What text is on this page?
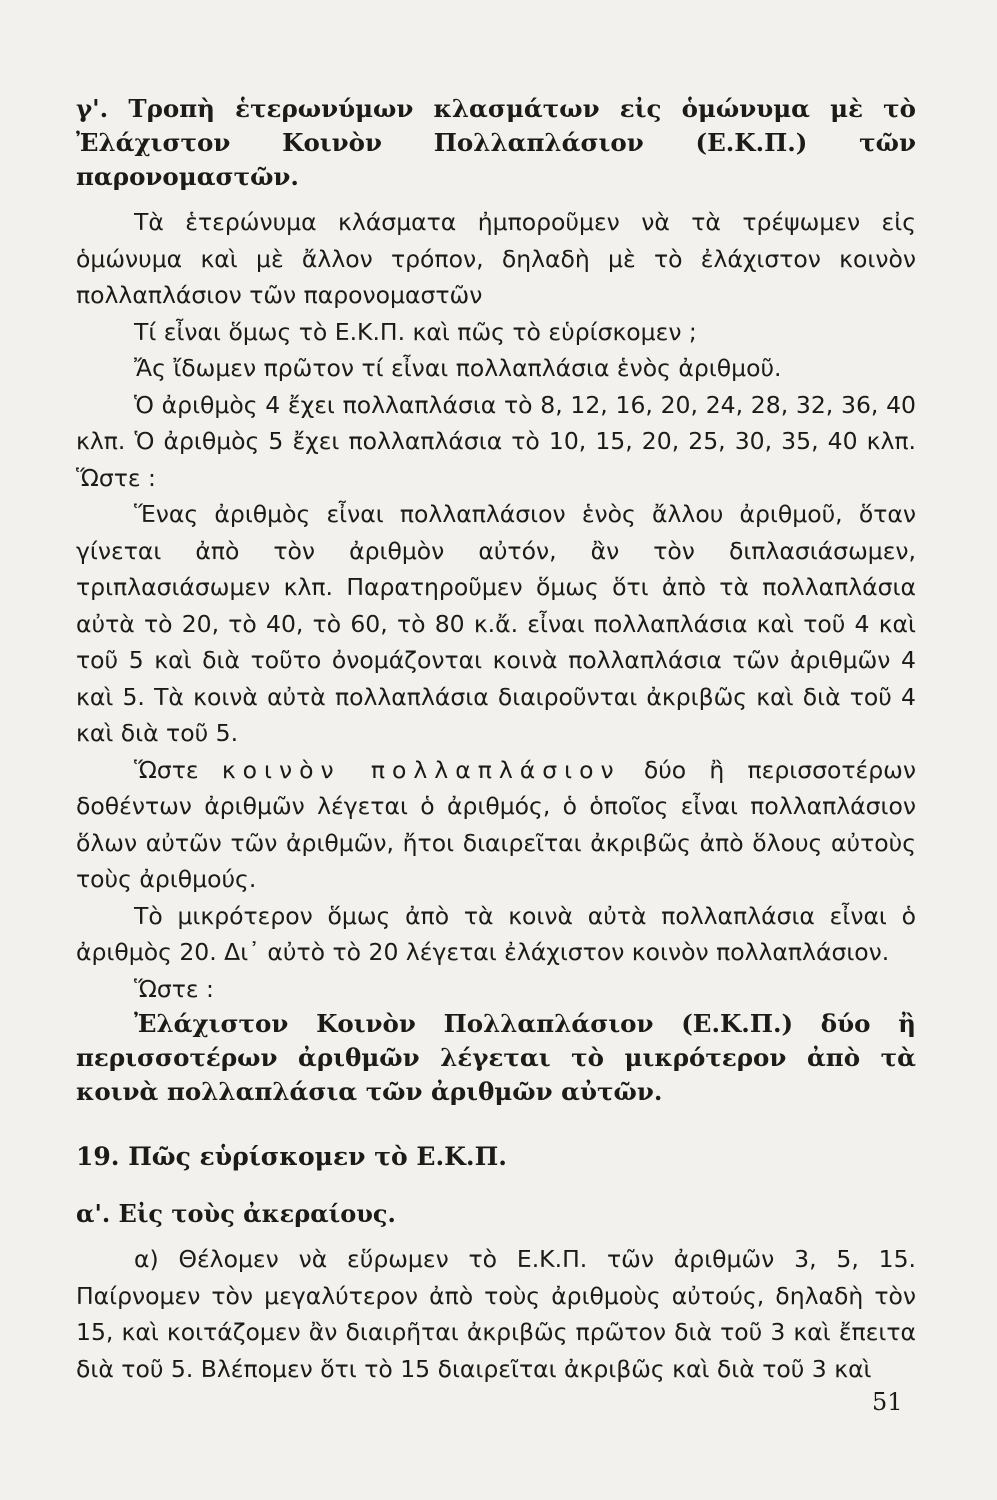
γ'. Τροπὴ ἑτερωνύμων κλασμάτων εἰς ὁμώνυμα μὲ τὸ Ἐλάχιστον Κοινὸν Πολλαπλάσιον (Ε.Κ.Π.) τῶν παρονομαστῶν.

Τὰ ἑτερώνυμα κλάσματα ἠμποροῦμεν νὰ τὰ τρέψωμεν εἰς ὁμώνυμα καὶ μὲ ἄλλον τρόπον, δηλαδὴ μὲ τὸ ἐλάχιστον κοινὸν πολλαπλάσιον τῶν παρονομαστῶν

Τί εἶναι ὅμως τὸ Ε.Κ.Π. καὶ πῶς τὸ εὑρίσκομεν ;

Ἄς ἴδωμεν πρῶτον τί εἶναι πολλαπλάσια ἑνὸς ἀριθμοῦ.

Ὁ ἀριθμὸς 4 ἔχει πολλαπλάσια τὸ 8, 12, 16, 20, 24, 28, 32, 36, 40 κλπ. Ὁ ἀριθμὸς 5 ἔχει πολλαπλάσια τὸ 10, 15, 20, 25, 30, 35, 40 κλπ. Ὥστε :

Ἕνας ἀριθμὸς εἶναι πολλαπλάσιον ἑνὸς ἄλλου ἀριθμοῦ, ὅταν γίνεται ἀπὸ τὸν ἀριθμὸν αὐτόν, ἂν τὸν διπλασιάσωμεν, τριπλασιάσωμεν κλπ. Παρατηροῦμεν ὅμως ὅτι ἀπὸ τὰ πολλαπλάσια αὐτὰ τὸ 20, τὸ 40, τὸ 60, τὸ 80 κ.ἄ. εἶναι πολλαπλάσια καὶ τοῦ 4 καὶ τοῦ 5 καὶ διὰ τοῦτο ὀνομάζονται κοινὰ πολλαπλάσια τῶν ἀριθμῶν 4 καὶ 5. Τὰ κοινὰ αὐτὰ πολλαπλάσια διαιροῦνται ἀκριβῶς καὶ διὰ τοῦ 4 καὶ διὰ τοῦ 5.

Ὥστε κοινὸν πολλαπλάσιον δύο ἢ περισσοτέρων δοθέντων ἀριθμῶν λέγεται ὁ ἀριθμός, ὁ ὁποῖος εἶναι πολλαπλάσιον ὅλων αὐτῶν τῶν ἀριθμῶν, ἤτοι διαιρεῖται ἀκριβῶς ἀπὸ ὅλους αὐτοὺς τοὺς ἀριθμούς.

Τὸ μικρότερον ὅμως ἀπὸ τὰ κοινὰ αὐτὰ πολλαπλάσια εἶναι ὁ ἀριθμὸς 20. Δι᾽ αὐτὸ τὸ 20 λέγεται ἐλάχιστον κοινὸν πολλαπλάσιον.

Ὥστε :

Ἐλάχιστον Κοινὸν Πολλαπλάσιον (Ε.Κ.Π.) δύο ἢ περισσοτέρων ἀριθμῶν λέγεται τὸ μικρότερον ἀπὸ τὰ κοινὰ πολλαπλάσια τῶν ἀριθμῶν αὐτῶν.

19. Πῶς εὑρίσκομεν τὸ Ε.Κ.Π.

α'. Εἰς τοὺς ἀκεραίους.

α) Θέλομεν νὰ εὕρωμεν τὸ Ε.Κ.Π. τῶν ἀριθμῶν 3, 5, 15. Παίρνομεν τὸν μεγαλύτερον ἀπὸ τοὺς ἀριθμοὺς αὐτούς, δηλαδὴ τὸν 15, καὶ κοιτάζομεν ἂν διαιρῆται ἀκριβῶς πρῶτον διὰ τοῦ 3 καὶ ἔπειτα διὰ τοῦ 5. Βλέπομεν ὅτι τὸ 15 διαιρεῖται ἀκριβῶς καὶ διὰ τοῦ 3 καὶ

51
